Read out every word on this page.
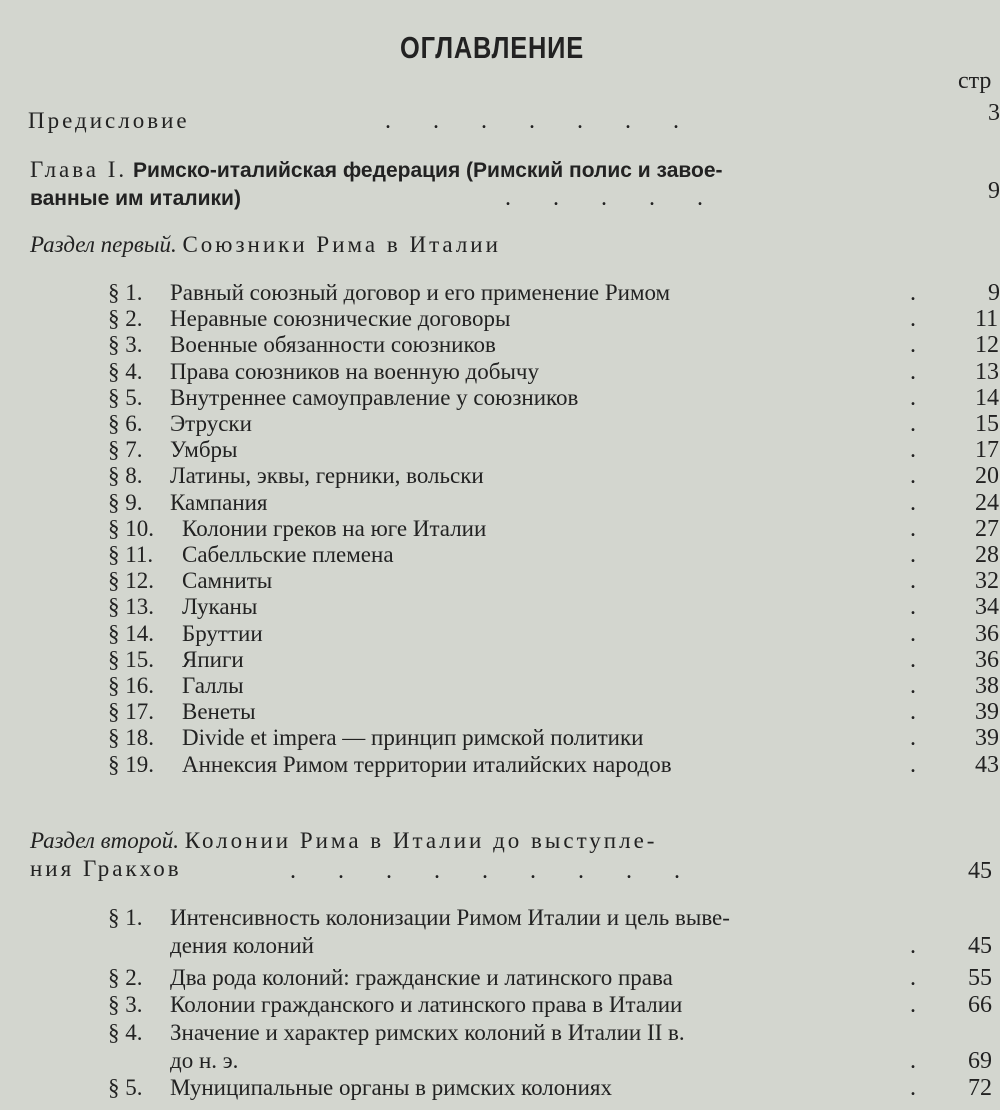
ОГЛАВЛЕНИЕ
стр
Предисловие	.       .       .       .       .       .       .	3
Глава I. Римско-италийская федерация (Римский полис и завое-
ванные им италики)	.       .       .       .       .	9
Раздел первый. Союзники Рима в Италии
§ 1. Равный союзный договор и его применение Римом	.	9
§ 2. Неравные союзнические договоры	. 11
§ 3. Военные обязанности союзников	. 12
§ 4. Права союзников на военную добычу	. 13
§ 5. Внутреннее самоуправление у союзников	. 14
§ 6. Этруски	. 15
§ 7. Умбры	. 17
§ 8. Латины, эквы, герники, вольски	. 20
§ 9. Кампания	. 24
§ 10. Колонии греков на юге Италии	. 27
§ 11. Сабелльские племена	. 28
§ 12. Самниты	. 32
§ 13. Луканы	. 34
§ 14. Бруттии	. 36
§ 15. Япиги	. 36
§ 16. Галлы	. 38
§ 17. Венеты	. 39
§ 18. Divide et impera — принцип римской политики	. 39
§ 19. Аннексия Римом территории италийских народов	. 43
Раздел второй. Колонии Рима в Италии до выступле-
ния Гракхов	.       .       .       .       .       .       .       .       .	45
§ 1. Интенсивность колонизации Римом Италии и цель выве-
дения колоний	. 45
§ 2. Два рода колоний: гражданские и латинского права	. 55
§ 3. Колонии гражданского и латинского права в Италии	. 66
§ 4. Значение и характер римских колоний в Италии II в.
до н. э.	. 69
§ 5. Муниципальные органы в римских колониях	. 72
